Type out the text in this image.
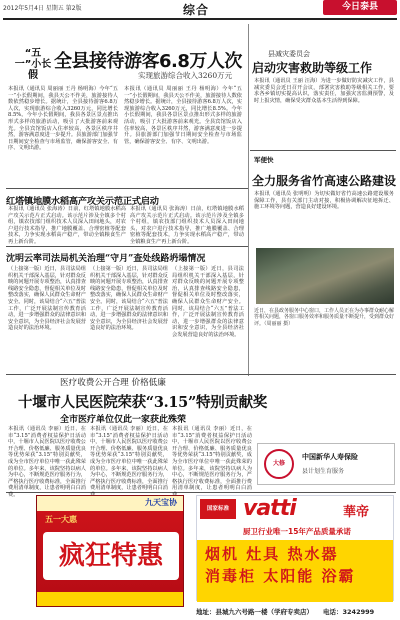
2012年5月4日 星期五 第2版	综合	今日泰县
“五一”小长假
全县接待游客6.8万人次
实现旅游综合收入3260万元
本报讯（通讯员 周丽丽 王丹 杨明海）今年“五一”小长假期间，我县天公不作美，旅游接待人数依然稳步增长。据统计，全县接待游客6.8万人次，实现旅游综合收入3260万元，同比增长8.5%。今年小长假期间，我县各景区景点推出形式多样的旅游活动，吸引了大批游客前来观光。全县宾馆饭店入住率较高，各景区秩序井然，游客满意度进一步提升。县旅游部门加强节日期间安全检查与市场监管，确保游客安全、有序、文明出游。
本报讯（通讯员 周丽丽 王丹 杨明海）今年“五一”小长假期间，我县天公不作美，旅游接待人数依然稳步增长。据统计，全县接待游客6.8万人次，实现旅游综合收入3260万元，同比增长8.5%。今年小长假期间，我县各景区景点推出形式多样的旅游活动，吸引了大批游客前来观光。全县宾馆饭店入住率较高，各景区秩序井然，游客满意度进一步提升。县旅游部门加强节日期间安全检查与市场监管，确保游客安全、有序、文明出游。
县减灾委员会
启动灾害救助等级工作
本报讯（通讯员 王丽 汪海）为进一步做好防灾减灾工作，县减灾委员会近日召开会议，部署灾害救助等级相关工作，要求各乡镇切实提高认识，落实责任，加强灾害监测预警，及时上报灾情，确保受灾群众基本生活得到保障。
军便快
全力服务省竹高速公路建设
本报讯（通讯员 张明明）为切实做好省竹高速公路建设服务保障工作，县有关部门主动对接，积极协调解决征地拆迁、施工环境等问题，营造良好建设环境。
近日，在县政务服务中心窗口，工作人员正在为办事群众耐心解答相关问题，各窗口服务效率和服务质量不断提升，受到群众好评。（周丽丽 摄）
红塔镇地膜水稻高产攻关示范正式启动
本报讯（通讯员 张海涛）日前，红塔镇地膜水稻高产攻关示范片正式启动。该示范片涉及全镇多个村组，镇农技部门组织技术人员深入田间地头，对农户进行技术指导，推广地膜覆盖、合理密植等配套技术，力争实现水稻高产稳产，带动全镇粮食生产再上新台阶。
本报讯（通讯员 张海涛）日前，红塔镇地膜水稻高产攻关示范片正式启动。该示范片涉及全镇多个村组，镇农技部门组织技术人员深入田间地头，对农户进行技术指导，推广地膜覆盖、合理密植等配套技术，力争实现水稻高产稳产，带动全镇粮食生产再上新台阶。
沈明云率司法局机关治理“守月”查处线路坍塌情况
（上接第一版）近日，县司法局组织机关干部深入基层，针对群众反映的问题开展专项整治，认真排查线路安全隐患，督促相关单位及时整改落实，确保人民群众生命财产安全。同时，该局结合“六五”普法工作，广泛开展法制宣传教育活动，进一步增强群众的法律意识和安全意识，为全县经济社会发展营造良好的法治环境。
（上接第一版）近日，县司法局组织机关干部深入基层，针对群众反映的问题开展专项整治，认真排查线路安全隐患，督促相关单位及时整改落实，确保人民群众生命财产安全。同时，该局结合“六五”普法工作，广泛开展法制宣传教育活动，进一步增强群众的法律意识和安全意识，为全县经济社会发展营造良好的法治环境。
（上接第一版）近日，县司法局组织机关干部深入基层，针对群众反映的问题开展专项整治，认真排查线路安全隐患，督促相关单位及时整改落实，确保人民群众生命财产安全。同时，该局结合“六五”普法工作，广泛开展法制宣传教育活动，进一步增强群众的法律意识和安全意识，为全县经济社会发展营造良好的法治环境。
医疗收费公开合理 价格低廉
十堰市人民医院荣获“3.15”特别贡献奖
全市医疗单位仅此一家获此殊荣
本报讯（通讯员 李丽）近日，在市“3.15”消费者权益保护日活动中，十堰市人民医院以医疗收费公开合理、价格低廉、服务质量优良等优势荣获“3.15”特别贡献奖，成为全市医疗单位中唯一获此殊荣的单位。多年来，该院坚持以病人为中心，不断规范医疗服务行为，严格执行医疗收费标准，全面推行费用清单制度，让患者明明白白消费。
本报讯（通讯员 李丽）近日，在市“3.15”消费者权益保护日活动中，十堰市人民医院以医疗收费公开合理、价格低廉、服务质量优良等优势荣获“3.15”特别贡献奖，成为全市医疗单位中唯一获此殊荣的单位。多年来，该院坚持以病人为中心，不断规范医疗服务行为，严格执行医疗收费标准，全面推行费用清单制度，让患者明明白白消
本报讯（通讯员 李丽）近日，在市“3.15”消费者权益保护日活动中，十堰市人民医院以医疗收费公开合理、价格低廉、服务质量优良等优势荣获“3.15”特别贡献奖，成为全市医疗单位中唯一获此殊荣的单位。多年来，该院坚持以病人为中心，不断规范医疗服务行为，严格执行医疗收费标准，全面推行费用清单制度，让患者明明白白消
大修
中国新华人寿保险
县计划生育服务
九天宝协
五一大惠
疯狂特惠
国家标准 vatti	華帝
厨卫行业唯一15年产品质量承诺
烟机 灶具 热水器
消毒柜 太阳能 浴霸
地址：县城九六号路一楼（学府专卖店） 电话：3242999
